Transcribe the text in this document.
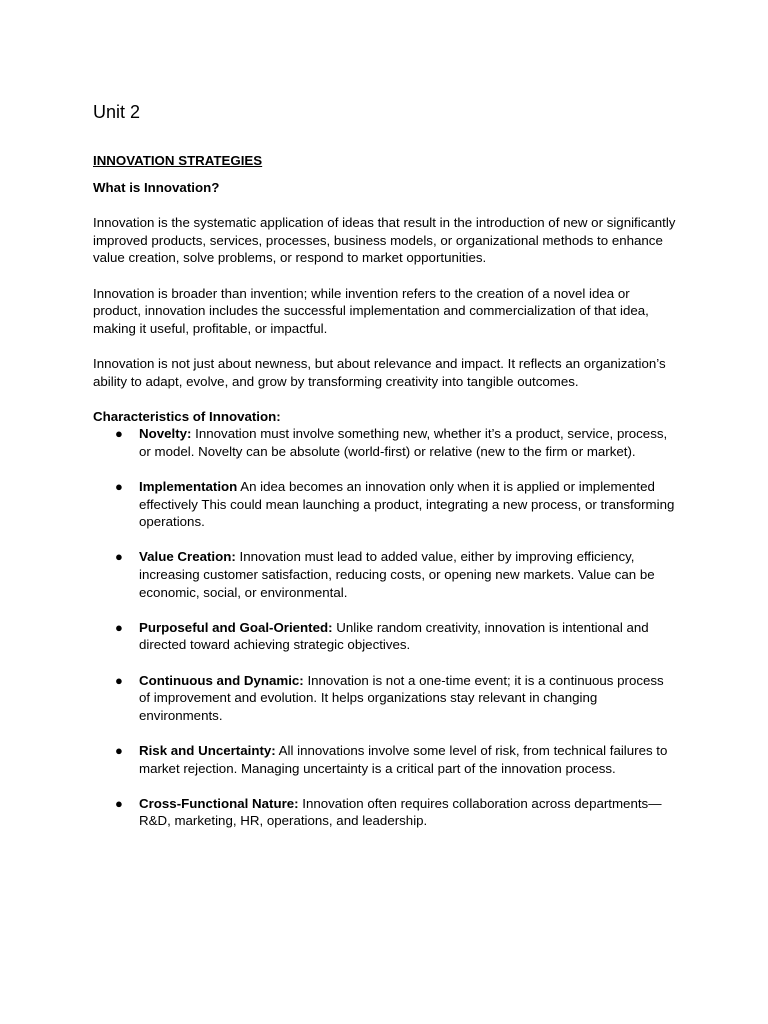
Unit 2
INNOVATION STRATEGIES

What is Innovation?

Innovation is the systematic application of ideas that result in the introduction of new or significantly improved products, services, processes, business models, or organizational methods to enhance value creation, solve problems, or respond to market opportunities.

Innovation is broader than invention; while invention refers to the creation of a novel idea or product, innovation includes the successful implementation and commercialization of that idea, making it useful, profitable, or impactful.

Innovation is not just about newness, but about relevance and impact. It reflects an organization’s ability to adapt, evolve, and grow by transforming creativity into tangible outcomes.

Characteristics of Innovation:

● Novelty: Innovation must involve something new, whether it’s a product, service, process, or model. Novelty can be absolute (world-first) or relative (new to the firm or market).
● Implementation An idea becomes an innovation only when it is applied or implemented effectively This could mean launching a product, integrating a new process, or transforming operations.
● Value Creation: Innovation must lead to added value, either by improving efficiency, increasing customer satisfaction, reducing costs, or opening new markets. Value can be economic, social, or environmental.
● Purposeful and Goal-Oriented: Unlike random creativity, innovation is intentional and directed toward achieving strategic objectives.
● Continuous and Dynamic: Innovation is not a one-time event; it is a continuous process of improvement and evolution. It helps organizations stay relevant in changing environments.
● Risk and Uncertainty: All innovations involve some level of risk, from technical failures to market rejection. Managing uncertainty is a critical part of the innovation process.
● Cross-Functional Nature: Innovation often requires collaboration across departments—R&D, marketing, HR, operations, and leadership.
